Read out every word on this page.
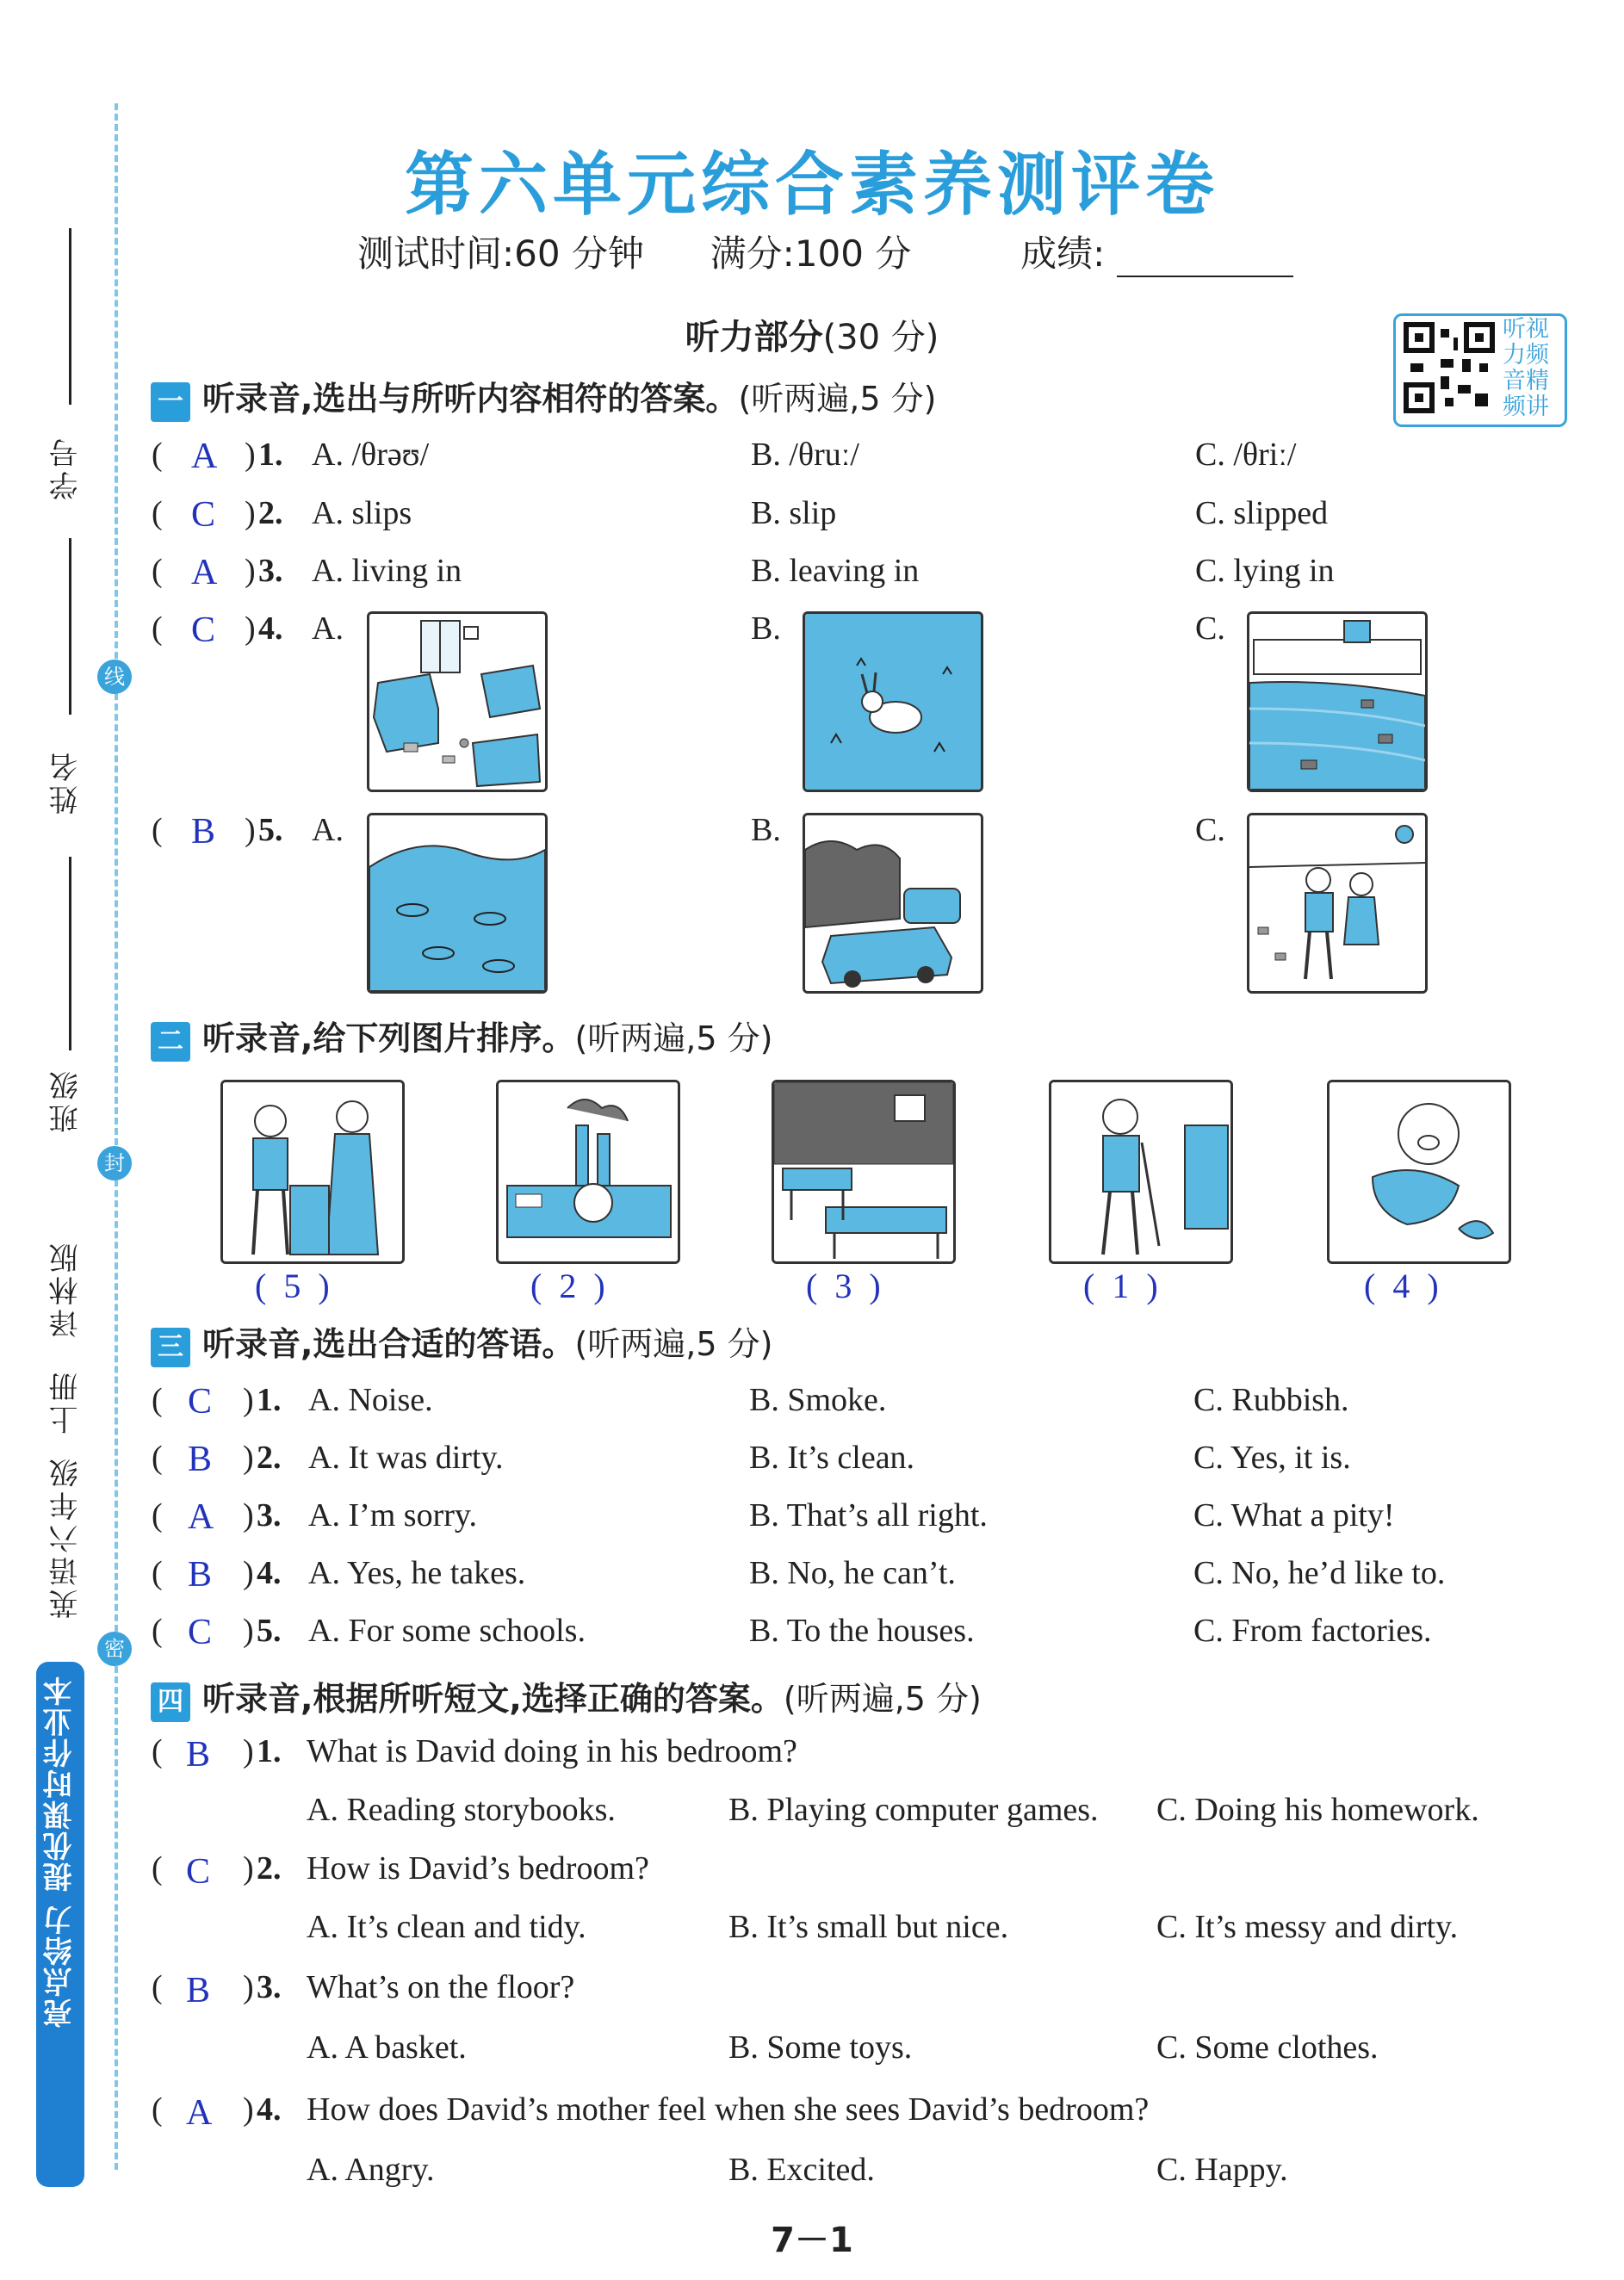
学号
姓名
班级
线
封
密
译林版
上册
英语六年级
亮点给力 提优课时作业本
第六单元综合素养测评卷
测试时间:60 分钟 满分:100 分	成绩:
听力部分(30 分)	听视
力频
音精
频讲
一 听录音,选出与所听内容相符的答案。(听两遍,5 分)
( A ) 1. A. /θrəʊ/	B. /θruː/	C. /θriː/
( C ) 2. A. slips	B. slip	C. slipped
( A ) 3. A. living in	B. leaving in	C. lying in
( C ) 4. A.	B.	C.
( B ) 5. A.	B.	C.
二 听录音,给下列图片排序。(听两遍,5 分)
(  5  )	(  2  )	(  3  )	(  1  )	(  4  )
三 听录音,选出合适的答语。(听两遍,5 分)
( C ) 1. A. Noise.	B. Smoke.	C. Rubbish.
( B ) 2. A. It was dirty.	B. It’s clean.	C. Yes, it is.
( A ) 3. A. I’m sorry.	B. That’s all right.	C. What a pity!
( B ) 4. A. Yes, he takes.	B. No, he can’t.	C. No, he’d like to.
( C ) 5. A. For some schools.	B. To the houses.	C. From factories.
四 听录音,根据所听短文,选择正确的答案。(听两遍,5 分)
( B ) 1. What is David doing in his bedroom?
A. Reading storybooks.	B. Playing computer games. C. Doing his homework.
( C ) 2. How is David’s bedroom?
A. It’s clean and tidy.	B. It’s small but nice.	C. It’s messy and dirty.
( B ) 3. What’s on the floor?
A. A basket.	B. Some toys.	C. Some clothes.
( A ) 4. How does David’s mother feel when she sees David’s bedroom?
A. Angry.	B. Excited.	C. Happy.
7－1
